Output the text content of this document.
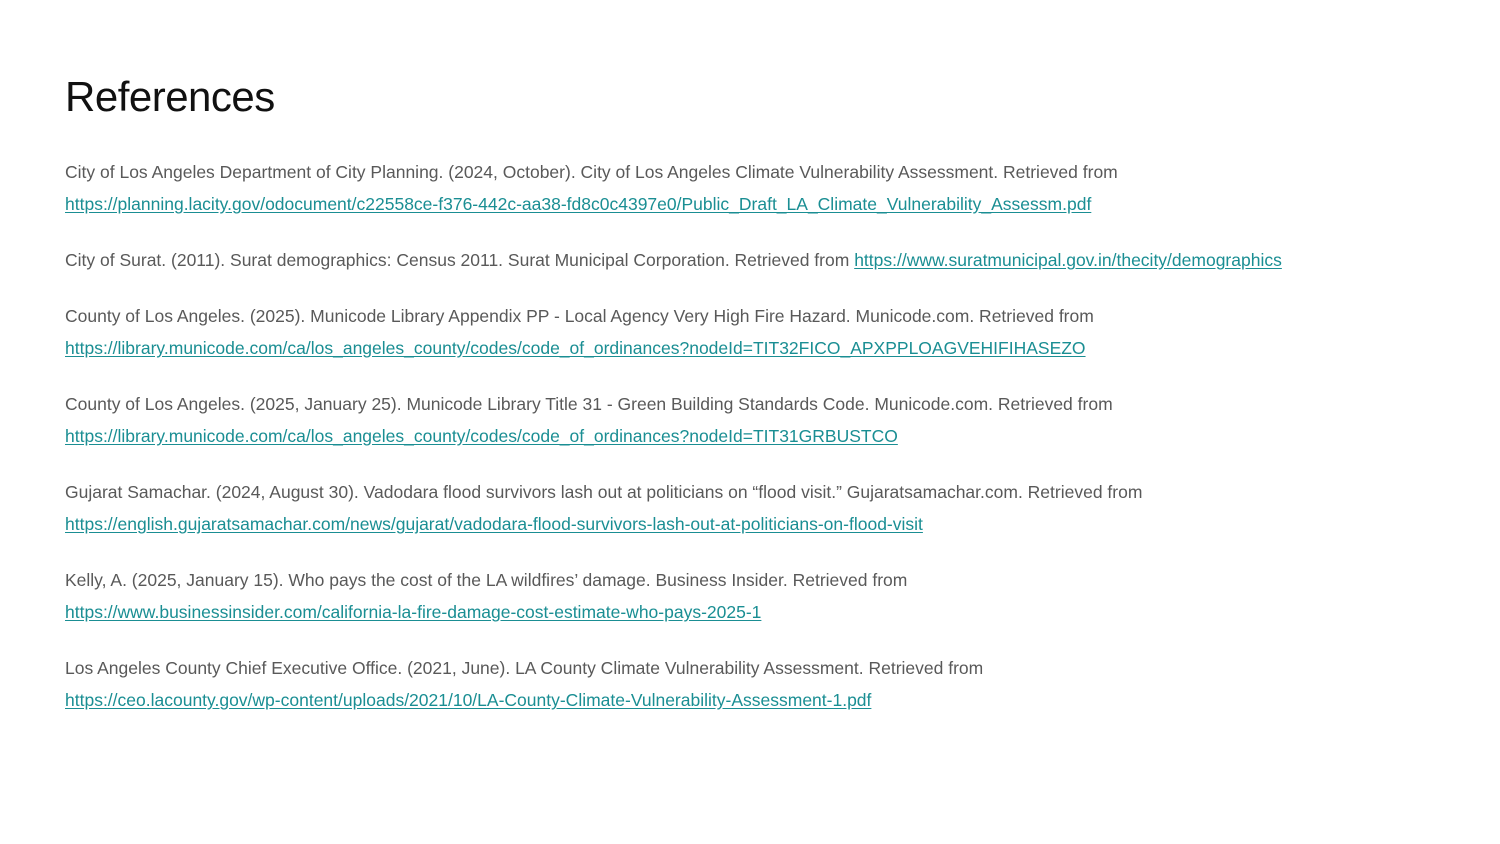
References

City of Los Angeles Department of City Planning. (2024, October). City of Los Angeles Climate Vulnerability Assessment. Retrieved from
https://planning.lacity.gov/odocument/c22558ce-f376-442c-aa38-fd8c0c4397e0/Public_Draft_LA_Climate_Vulnerability_Assessm.pdf

City of Surat. (2011). Surat demographics: Census 2011. Surat Municipal Corporation. Retrieved from https://www.suratmunicipal.gov.in/thecity/demographics

County of Los Angeles. (2025). Municode Library Appendix PP - Local Agency Very High Fire Hazard. Municode.com. Retrieved from
https://library.municode.com/ca/los_angeles_county/codes/code_of_ordinances?nodeId=TIT32FICO_APXPPLOAGVEHIFIHASEZO

County of Los Angeles. (2025, January 25). Municode Library Title 31 - Green Building Standards Code. Municode.com. Retrieved from
https://library.municode.com/ca/los_angeles_county/codes/code_of_ordinances?nodeId=TIT31GRBUSTCO

Gujarat Samachar. (2024, August 30). Vadodara flood survivors lash out at politicians on “flood visit.” Gujaratsamachar.com. Retrieved from
https://english.gujaratsamachar.com/news/gujarat/vadodara-flood-survivors-lash-out-at-politicians-on-flood-visit

Kelly, A. (2025, January 15). Who pays the cost of the LA wildfires’ damage. Business Insider. Retrieved from
https://www.businessinsider.com/california-la-fire-damage-cost-estimate-who-pays-2025-1

Los Angeles County Chief Executive Office. (2021, June). LA County Climate Vulnerability Assessment. Retrieved from
https://ceo.lacounty.gov/wp-content/uploads/2021/10/LA-County-Climate-Vulnerability-Assessment-1.pdf
